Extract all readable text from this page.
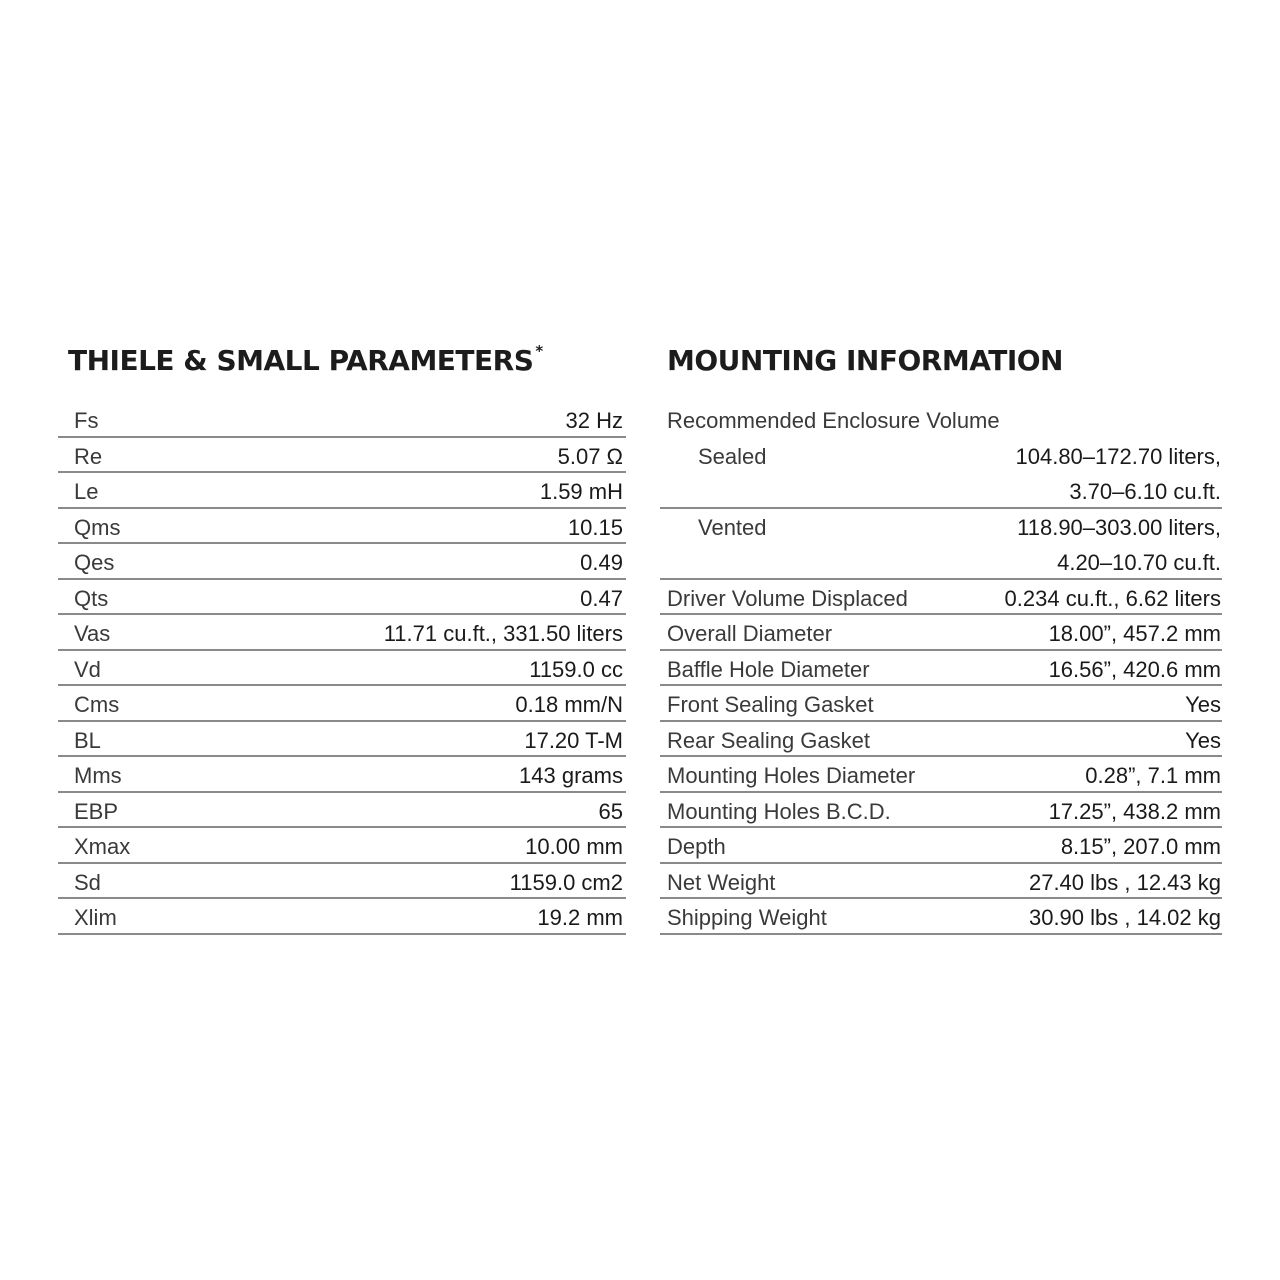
THIELE & SMALL PARAMETERS *	MOUNTING INFORMATION
Fs	32 Hz
Re	5.07 Ω
Le	1.59 mH
Qms	10.15
Qes	0.49
Qts	0.47
Vas	11.71 cu.ft., 331.50 liters
Vd	1159.0 cc
Cms	0.18 mm/N
BL	17.20 T-M
Mms	143 grams
EBP	65
Xmax	10.00 mm
Sd	1159.0 cm2
Xlim	19.2 mm
Recommended Enclosure Volume
Sealed	104.80–172.70 liters,
3.70–6.10 cu.ft.
Vented	118.90–303.00 liters,
4.20–10.70 cu.ft.
Driver Volume Displaced	0.234 cu.ft., 6.62 liters
Overall Diameter	18.00”, 457.2 mm
Baffle Hole Diameter	16.56”, 420.6 mm
Front Sealing Gasket	Yes
Rear Sealing Gasket	Yes
Mounting Holes Diameter	0.28”, 7.1 mm
Mounting Holes B.C.D.	17.25”, 438.2 mm
Depth	8.15”, 207.0 mm
Net Weight	27.40 lbs , 12.43 kg
Shipping Weight	30.90 lbs , 14.02 kg
